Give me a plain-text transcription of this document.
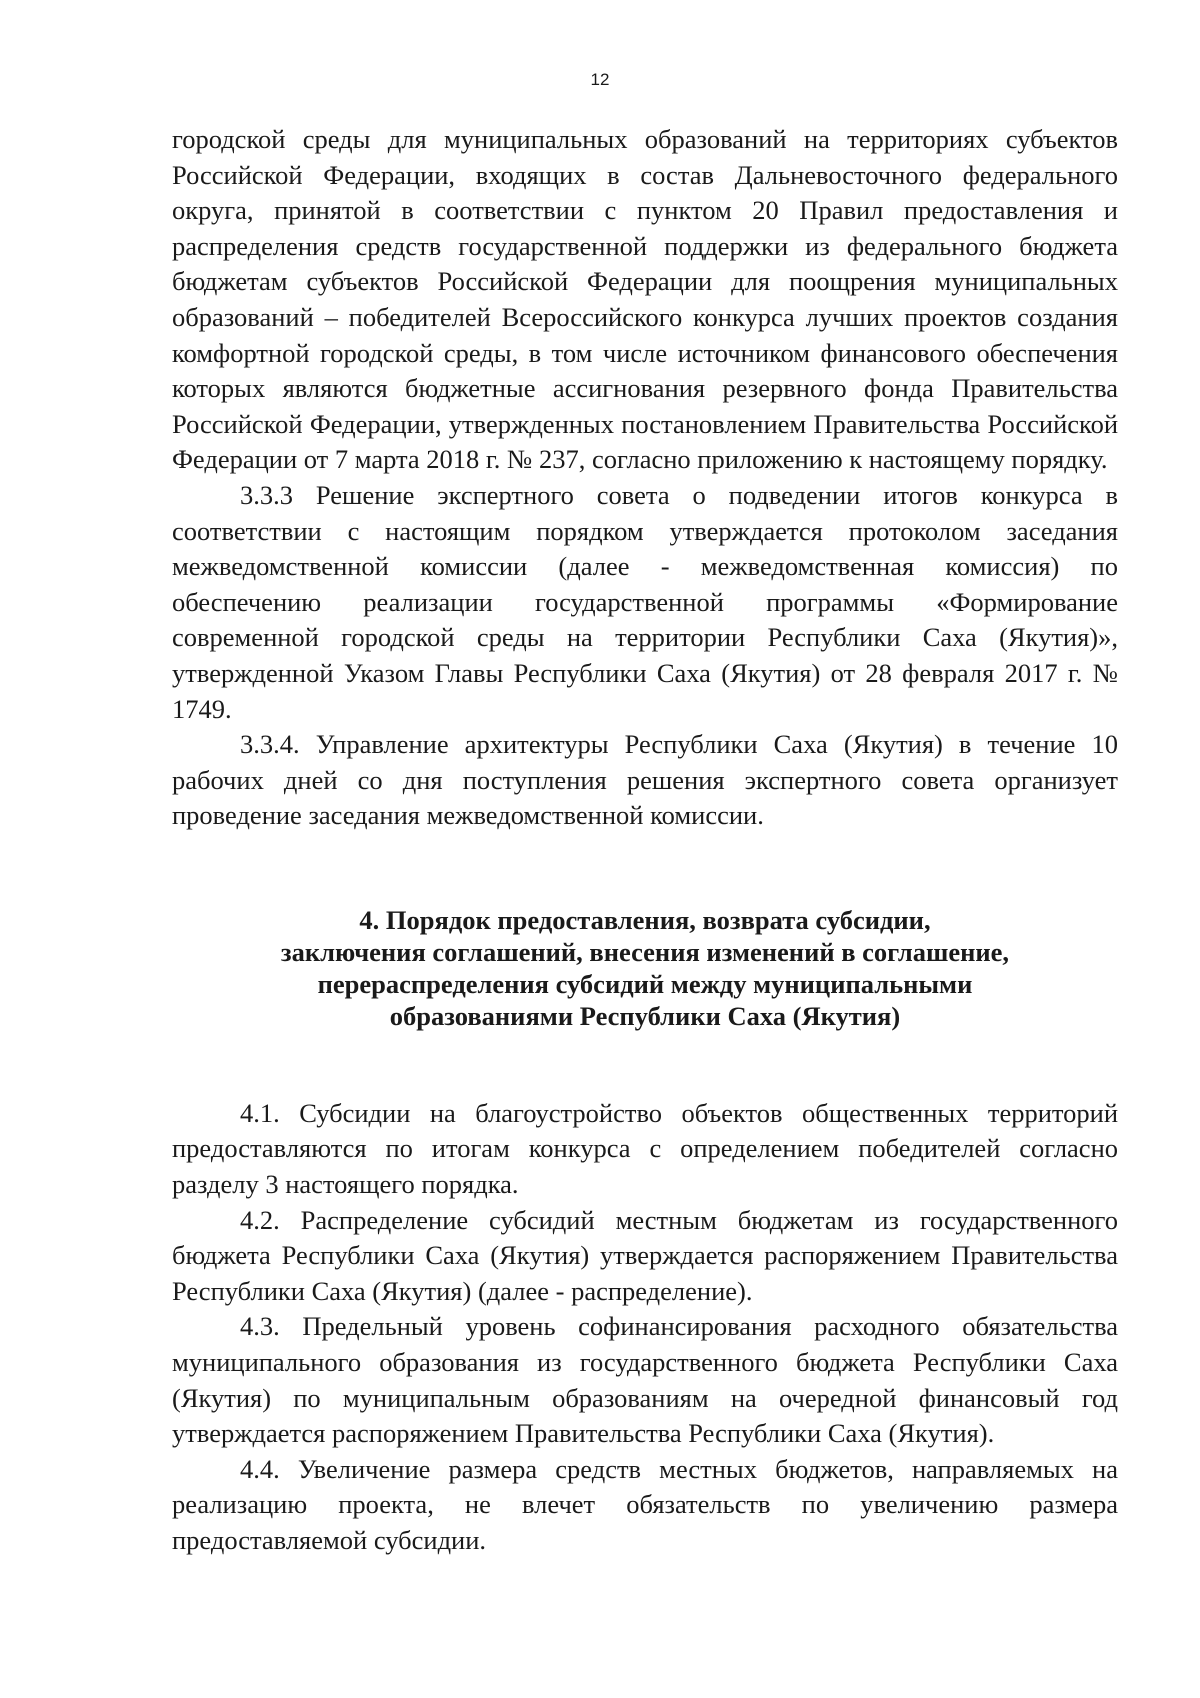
12

городской среды для муниципальных образований на территориях субъектов Российской Федерации, входящих в состав Дальневосточного федерального округа, принятой в соответствии с пунктом 20 Правил предоставления и распределения средств государственной поддержки из федерального бюджета бюджетам субъектов Российской Федерации для поощрения муниципальных образований – победителей Всероссийского конкурса лучших проектов создания комфортной городской среды, в том числе источником финансового обеспечения которых являются бюджетные ассигнования резервного фонда Правительства Российской Федерации, утвержденных постановлением Правительства Российской Федерации от 7 марта 2018 г. № 237, согласно приложению к настоящему порядку.

3.3.3 Решение экспертного совета о подведении итогов конкурса в соответствии с настоящим порядком утверждается протоколом заседания межведомственной комиссии (далее - межведомственная комиссия) по обеспечению реализации государственной программы «Формирование современной городской среды на территории Республики Саха (Якутия)», утвержденной Указом Главы Республики Саха (Якутия) от 28 февраля 2017 г. № 1749.

3.3.4. Управление архитектуры Республики Саха (Якутия) в течение 10 рабочих дней со дня поступления решения экспертного совета организует проведение заседания межведомственной комиссии.

4. Порядок предоставления, возврата субсидии,
заключения соглашений, внесения изменений в соглашение,
перераспределения субсидий между муниципальными
образованиями Республики Саха (Якутия)

4.1. Субсидии на благоустройство объектов общественных территорий предоставляются по итогам конкурса с определением победителей согласно разделу 3 настоящего порядка.

4.2. Распределение субсидий местным бюджетам из государственного бюджета Республики Саха (Якутия) утверждается распоряжением Правительства Республики Саха (Якутия) (далее - распределение).

4.3. Предельный уровень софинансирования расходного обязательства муниципального образования из государственного бюджета Республики Саха (Якутия) по муниципальным образованиям на очередной финансовый год утверждается распоряжением Правительства Республики Саха (Якутия).

4.4. Увеличение размера средств местных бюджетов, направляемых на реализацию проекта, не влечет обязательств по увеличению размера предоставляемой субсидии.
